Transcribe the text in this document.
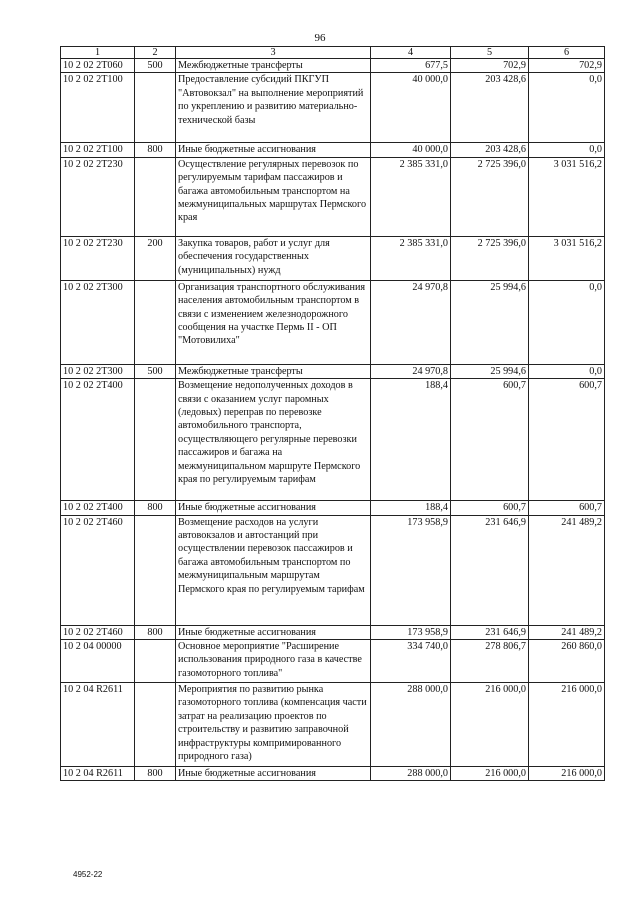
96
1	2	3	4	5	6
10 2 02 2T060	500	Межбюджетные трансферты	677,5	702,9	702,9
10 2 02 2T100		Предоставление субсидий ПКГУП "Автовокзал" на выполнение мероприятий по укреплению и развитию материально-технической базы	40 000,0	203 428,6	0,0
10 2 02 2T100	800	Иные бюджетные ассигнования	40 000,0	203 428,6	0,0
10 2 02 2T230		Осуществление регулярных перевозок по регулируемым тарифам пассажиров и багажа автомобильным транспортом на межмуниципальных маршрутах Пермского края	2 385 331,0	2 725 396,0	3 031 516,2
10 2 02 2T230	200	Закупка товаров, работ и услуг для обеспечения государственных (муниципальных) нужд	2 385 331,0	2 725 396,0	3 031 516,2
10 2 02 2T300		Организация транспортного обслуживания населения автомобильным транспортом в связи с изменением железнодорожного сообщения на участке Пермь II - ОП "Мотовилиха"	24 970,8	25 994,6	0,0
10 2 02 2T300	500	Межбюджетные трансферты	24 970,8	25 994,6	0,0
10 2 02 2T400		Возмещение недополученных доходов в связи с оказанием услуг паромных (ледовых) переправ по перевозке автомобильного транспорта, осуществляющего регулярные перевозки пассажиров и багажа на межмуниципальном маршруте Пермского края по регулируемым тарифам	188,4	600,7	600,7
10 2 02 2T400	800	Иные бюджетные ассигнования	188,4	600,7	600,7
10 2 02 2T460		Возмещение расходов на услуги автовокзалов и автостанций при осуществлении перевозок пассажиров и багажа автомобильным транспортом по межмуниципальным маршрутам Пермского края по регулируемым тарифам	173 958,9	231 646,9	241 489,2
10 2 02 2T460	800	Иные бюджетные ассигнования	173 958,9	231 646,9	241 489,2
10 2 04 00000		Основное мероприятие "Расширение использования природного газа в качестве газомоторного топлива"	334 740,0	278 806,7	260 860,0
10 2 04 R2611		Мероприятия по развитию рынка газомоторного топлива (компенсация части затрат на реализацию проектов по строительству и развитию заправочной инфраструктуры компримированного природного газа)	288 000,0	216 000,0	216 000,0
10 2 04 R2611	800	Иные бюджетные ассигнования	288 000,0	216 000,0	216 000,0
4952-22
